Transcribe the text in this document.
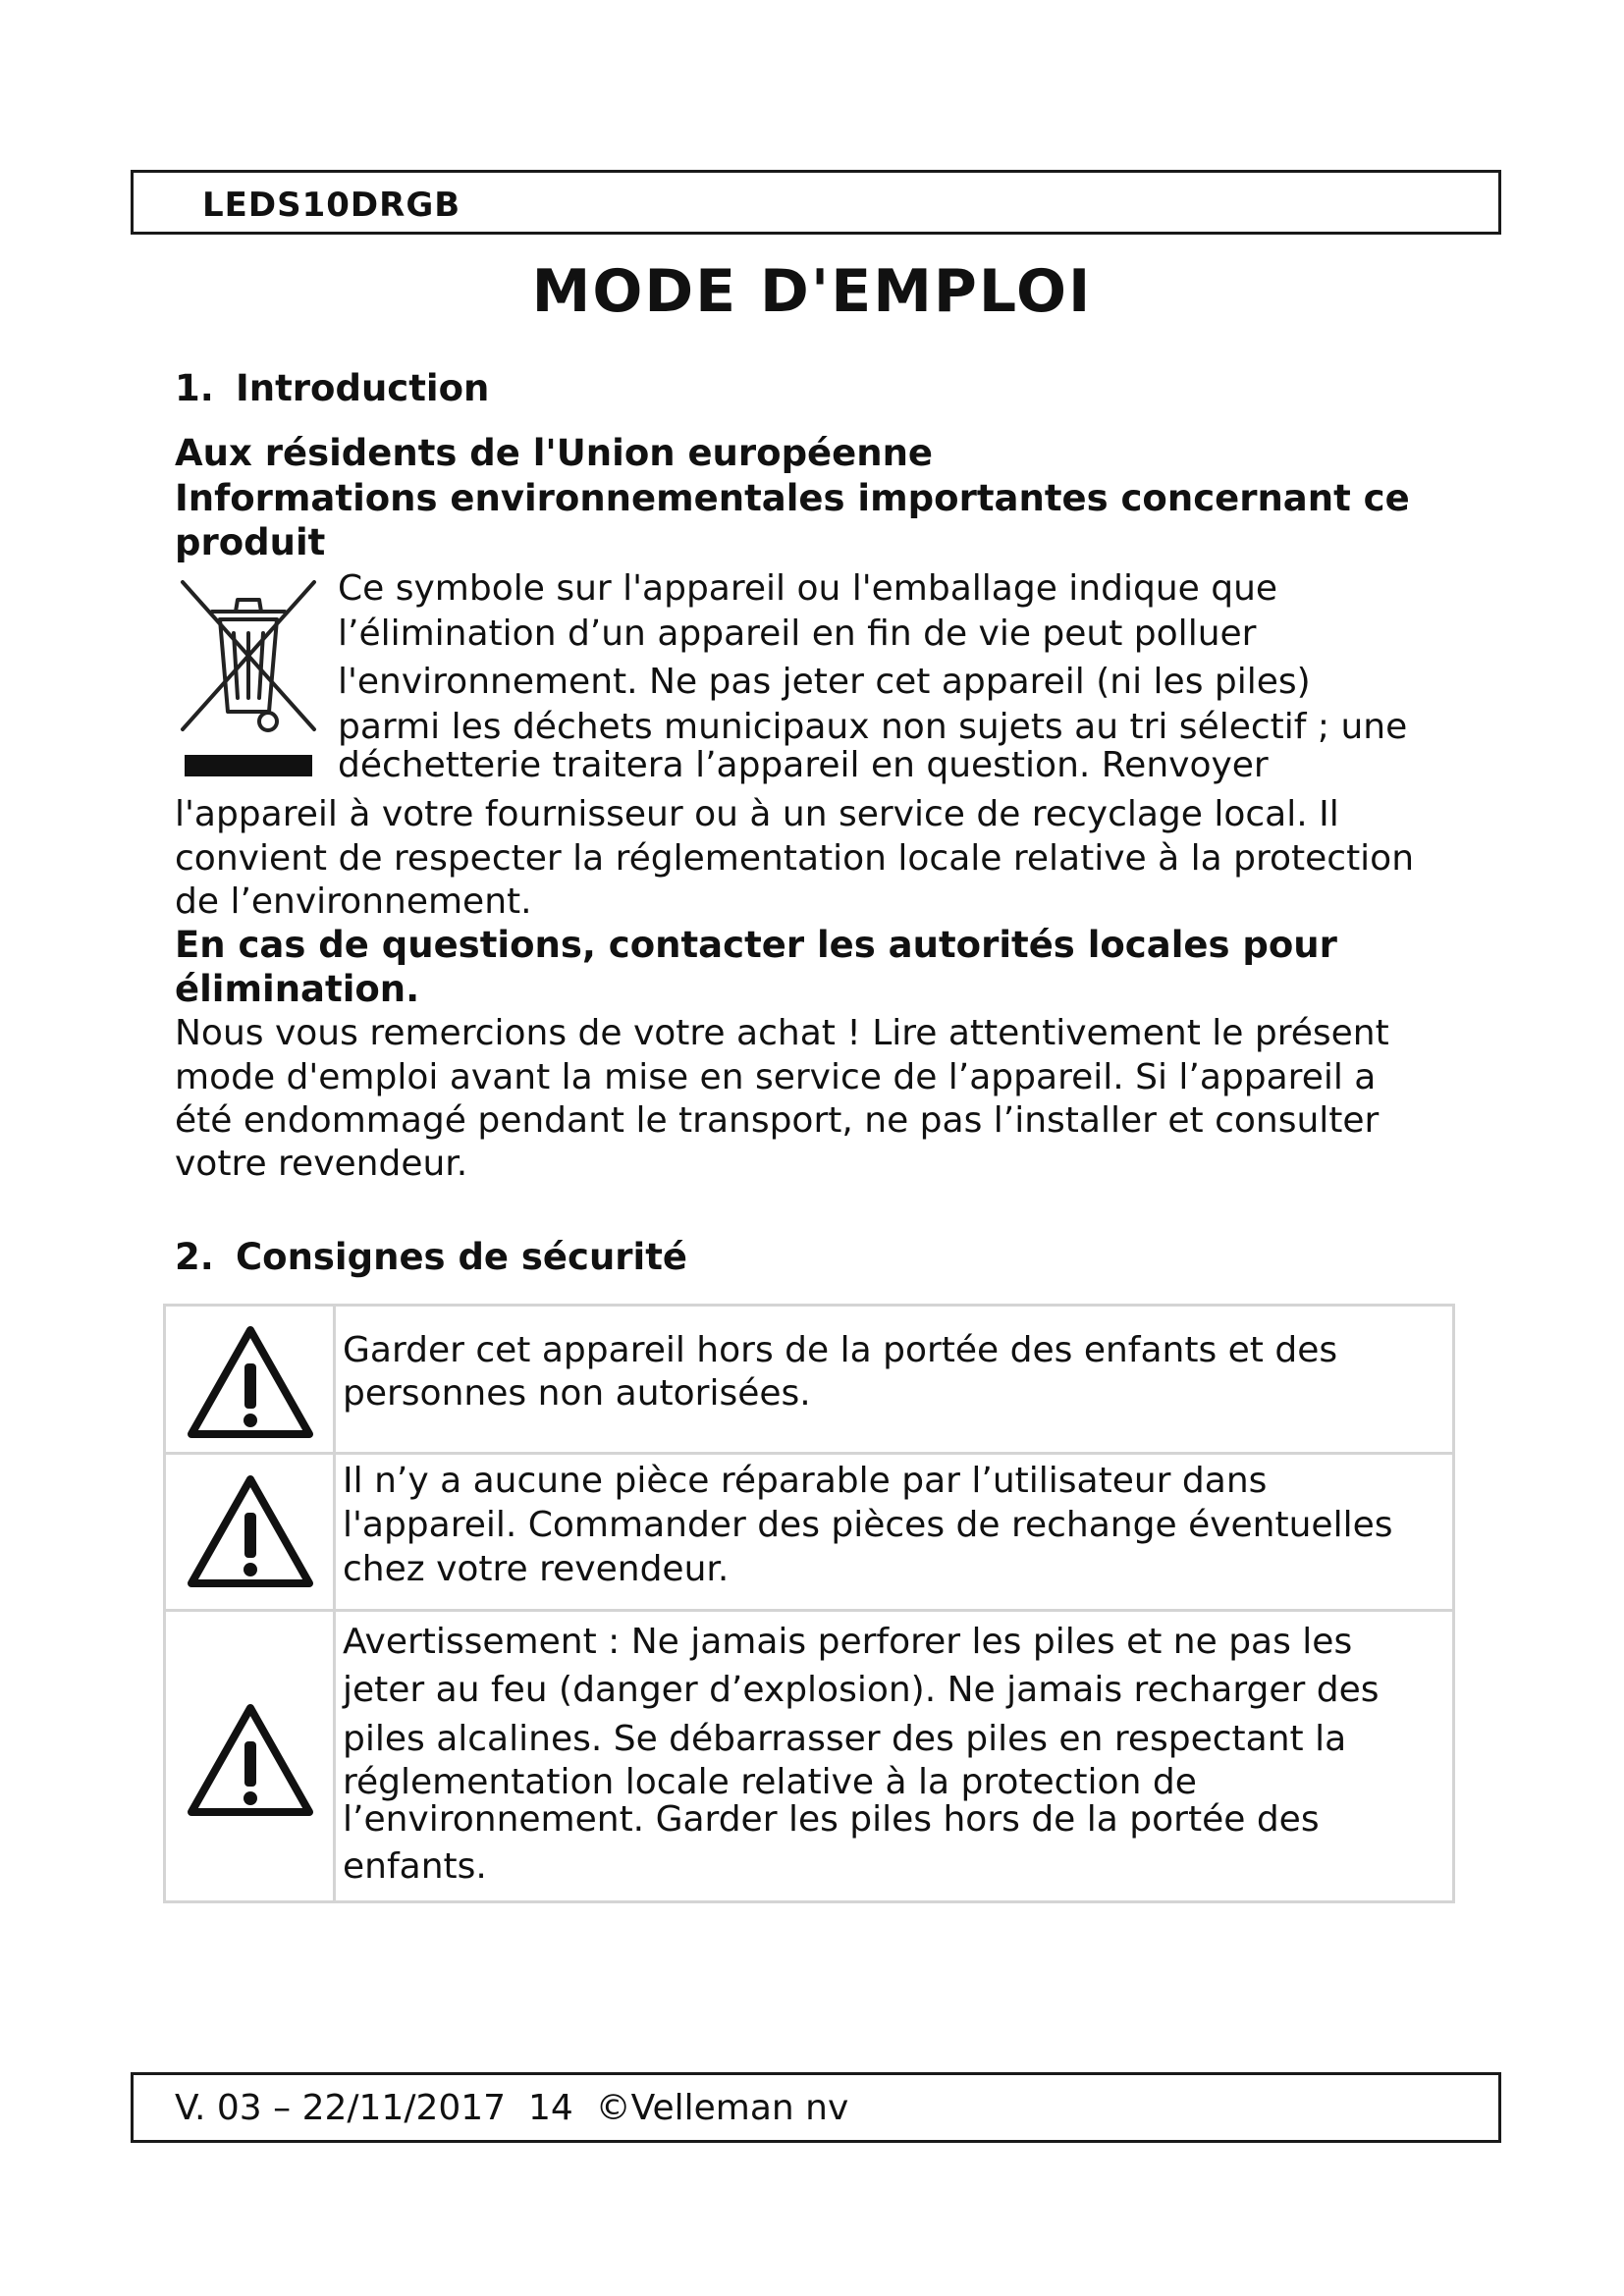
LEDS10DRGB
MODE D'EMPLOI
1. Introduction
Aux résidents de l'Union européenne
Informations environnementales importantes concernant ce
produit
Ce symbole sur l'appareil ou l'emballage indique que
l’élimination d’un appareil en fin de vie peut polluer
l'environnement. Ne pas jeter cet appareil (ni les piles)
parmi les déchets municipaux non sujets au tri sélectif ; une
déchetterie traitera l’appareil en question. Renvoyer
l'appareil à votre fournisseur ou à un service de recyclage local. Il
convient de respecter la réglementation locale relative à la protection
de l’environnement.
En cas de questions, contacter les autorités locales pour
élimination.
Nous vous remercions de votre achat ! Lire attentivement le présent
mode d'emploi avant la mise en service de l’appareil. Si l’appareil a
été endommagé pendant le transport, ne pas l’installer et consulter
votre revendeur.
2. Consignes de sécurité
Garder cet appareil hors de la portée des enfants et des
personnes non autorisées.
Il n’y a aucune pièce réparable par l’utilisateur dans
l'appareil. Commander des pièces de rechange éventuelles
chez votre revendeur.
Avertissement : Ne jamais perforer les piles et ne pas les
jeter au feu (danger d’explosion). Ne jamais recharger des
piles alcalines. Se débarrasser des piles en respectant la
réglementation locale relative à la protection de
l’environnement. Garder les piles hors de la portée des
enfants.
V. 03 – 22/11/2017 14 ©Velleman nv
